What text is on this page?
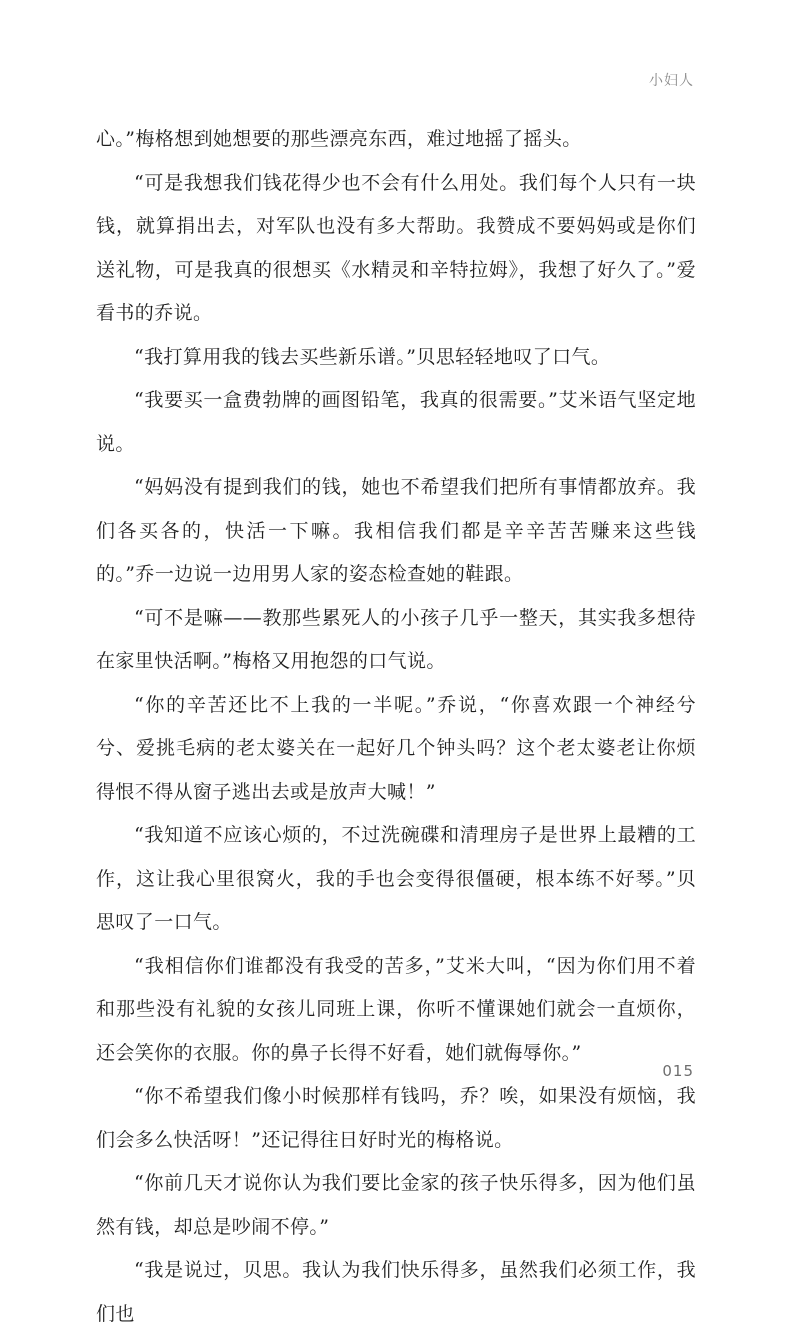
小妇人

心。”梅格想到她想要的那些漂亮东西，难过地摇了摇头。

“可是我想我们钱花得少也不会有什么用处。我们每个人只有一块钱，就算捐出去，对军队也没有多大帮助。我赞成不要妈妈或是你们送礼物，可是我真的很想买《水精灵和辛特拉姆》，我想了好久了。”爱看书的乔说。

“我打算用我的钱去买些新乐谱。”贝思轻轻地叹了口气。

“我要买一盒费勃牌的画图铅笔，我真的很需要。”艾米语气坚定地说。

“妈妈没有提到我们的钱，她也不希望我们把所有事情都放弃。我们各买各的，快活一下嘛。我相信我们都是辛辛苦苦赚来这些钱的。”乔一边说一边用男人家的姿态检查她的鞋跟。

“可不是嘛——教那些累死人的小孩子几乎一整天，其实我多想待在家里快活啊。”梅格又用抱怨的口气说。

“你的辛苦还比不上我的一半呢。”乔说，“你喜欢跟一个神经兮兮、爱挑毛病的老太婆关在一起好几个钟头吗？这个老太婆老让你烦得恨不得从窗子逃出去或是放声大喊！”

“我知道不应该心烦的，不过洗碗碟和清理房子是世界上最糟的工作，这让我心里很窝火，我的手也会变得很僵硬，根本练不好琴。”贝思叹了一口气。

“我相信你们谁都没有我受的苦多，”艾米大叫，“因为你们用不着和那些没有礼貌的女孩儿同班上课，你听不懂课她们就会一直烦你，还会笑你的衣服。你的鼻子长得不好看，她们就侮辱你。”

“你不希望我们像小时候那样有钱吗，乔？唉，如果没有烦恼，我们会多么快活呀！”还记得往日好时光的梅格说。

“你前几天才说你认为我们要比金家的孩子快乐得多，因为他们虽然有钱，却总是吵闹不停。”

“我是说过，贝思。我认为我们快乐得多，虽然我们必须工作，我们也

015
